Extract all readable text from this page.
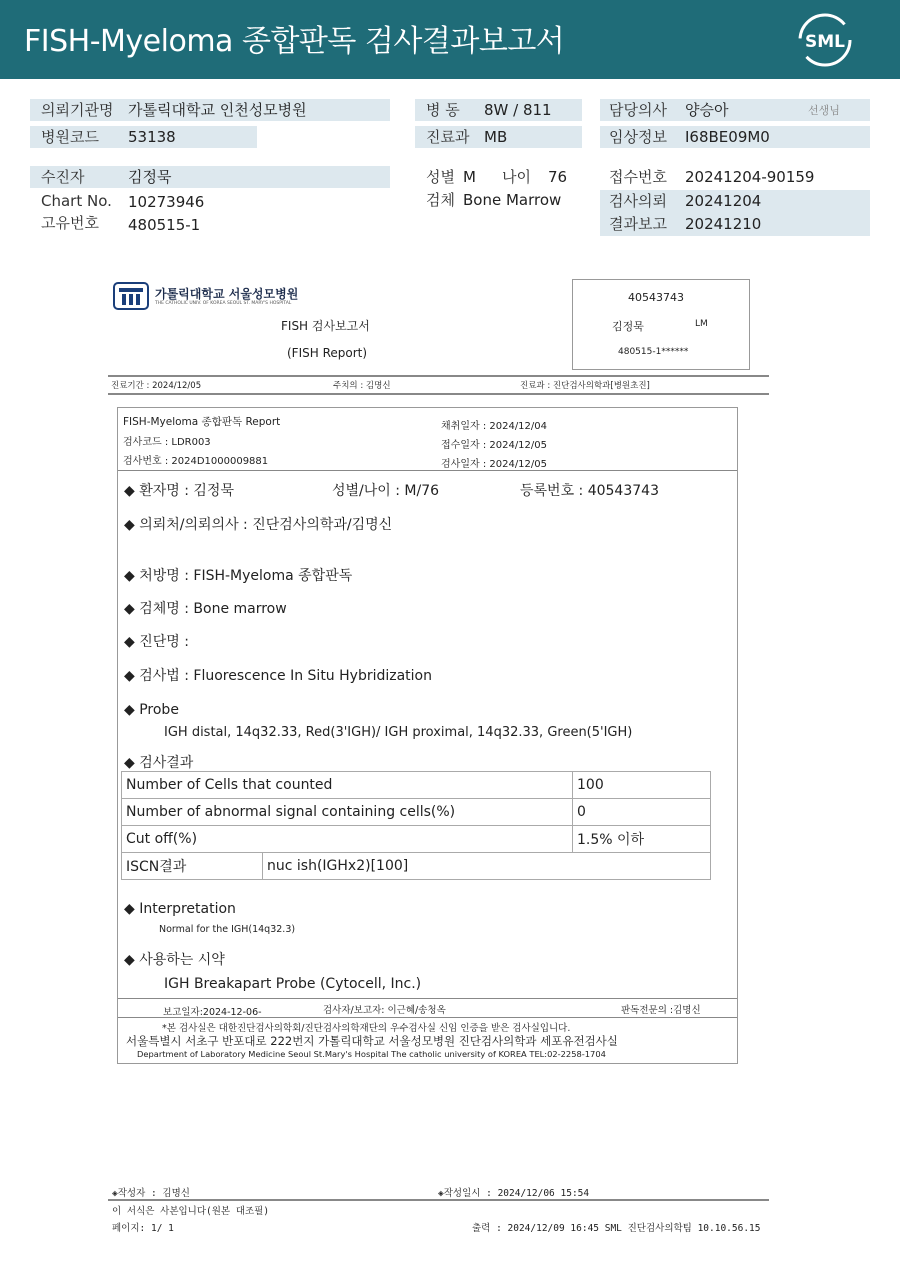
FISH-Myeloma 종합판독 검사결과보고서	SML
의뢰기관명 가톨릭대학교 인천성모병원
병원코드 53138
병 동 8W / 811
진료과 MB
담당의사 양승아	선생님
임상정보 I68BE09M0
수진자	김정묵
Chart No. 10273946
고유번호 480515-1
성별 M 나이 76
검체 Bone Marrow
접수번호 20241204-90159
검사의뢰 20241204
결과보고 20241210
가톨릭대학교 서울성모병원
THE CATHOLIC UNIV. OF KOREA SEOUL ST. MARY'S HOSPITAL
FISH 검사보고서
(FISH Report)
40543743
김정묵	LM
480515-1******
진료기간 : 2024/12/05	주치의 : 김명신	진료과 : 진단검사의학과[병원초진]
FISH-Myeloma 종합판독 Report
검사코드 : LDR003
검사번호 : 2024D1000009881
채취일자 : 2024/12/04
접수일자 : 2024/12/05
검사일자 : 2024/12/05
◆ 환자명 : 김정묵	성별/나이 : M/76	등록번호 : 40543743
◆ 의뢰처/의뢰의사 : 진단검사의학과/김명신
◆ 처방명 : FISH-Myeloma 종합판독
◆ 검체명 : Bone marrow
◆ 진단명 :
◆ 검사법 : Fluorescence In Situ Hybridization
◆ Probe
IGH distal, 14q32.33, Red(3'IGH)/ IGH proximal, 14q32.33, Green(5'IGH)
◆ 검사결과
Number of Cells that counted		100
Number of abnormal signal containing cells(%)		0
Cut off(%)		1.5% 이하
ISCN결과	nuc ish(IGHx2)[100]	
◆ Interpretation
Normal for the IGH(14q32.3)
◆ 사용하는 시약
IGH Breakapart Probe (Cytocell, Inc.)
보고일자:2024-12-06-	검사자/보고자: 이근혜/송청옥	판독전문의 :김명신
*본 검사실은 대한진단검사의학회/진단검사의학재단의 우수검사실 신임 인증을 받은 검사실입니다.
서울특별시 서초구 반포대로 222번지 가톨릭대학교 서울성모병원 진단검사의학과 세포유전검사실
Department of Laboratory Medicine Seoul St.Mary's Hospital The catholic university of KOREA TEL:02-2258-1704
◈작성자 : 김명신	◈작성일시 : 2024/12/06 15:54
이 서식은 사본입니다(원본 대조필)
페이지: 1/ 1	출력 : 2024/12/09 16:45 SML 진단검사의학팀 10.10.56.15
